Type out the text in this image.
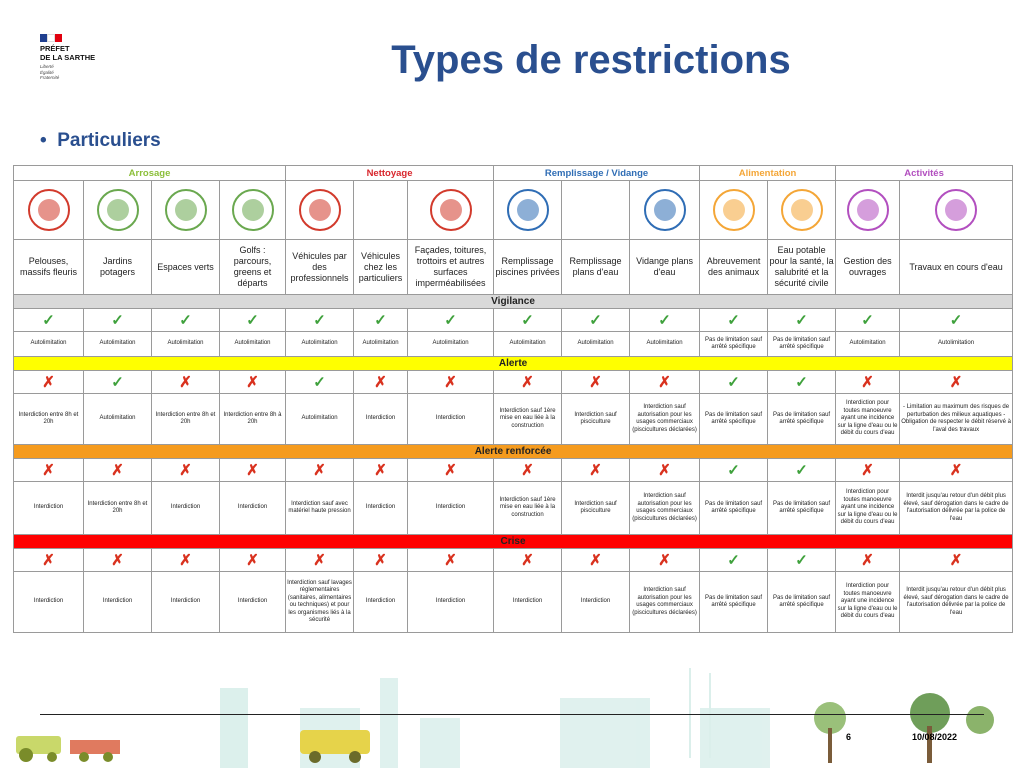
PRÉFET
DE LA SARTHE
Liberté
Égalité
Fraternité	Types de restrictions
•  Particuliers
Arrosage				Nettoyage			Remplissage / Vidange			Alimentation		Activités	

Pelouses, massifs fleuris	Jardins potagers	Espaces verts	Golfs : parcours, greens et départs	Véhicules par des professionnels	Véhicules chez les particuliers	Façades, toitures, trottoirs et autres surfaces imperméabilisées	Remplissage piscines privées	Remplissage plans d'eau	Vidange plans d'eau	Abreuvement des animaux	Eau potable pour la santé, la salubrité et la sécurité civile	Gestion des ouvrages	Travaux en cours d'eau
Vigilance													
✓	✓	✓	✓	✓	✓	✓	✓	✓	✓	✓	✓	✓	✓
Autolimitation	Autolimitation	Autolimitation	Autolimitation	Autolimitation	Autolimitation	Autolimitation	Autolimitation	Autolimitation	Autolimitation	Pas de limitation sauf arrêté spécifique	Pas de limitation sauf arrêté spécifique	Autolimitation	Autolimitation
Alerte													
✗	✓	✗	✗	✓	✗	✗	✗	✗	✗	✓	✓	✗	✗
Interdiction entre 8h et 20h	Autolimitation	Interdiction entre 8h et 20h	Interdiction entre 8h à 20h	Autolimitation	Interdiction	Interdiction	Interdiction sauf 1ère mise en eau liée à la construction	Interdiction sauf pisciculture	Interdiction sauf autorisation pour les usages commerciaux (piscicultures déclarées)	Pas de limitation sauf arrêté spécifique	Pas de limitation sauf arrêté spécifique	Interdiction pour toutes manoeuvre ayant une incidence sur la ligne d'eau ou le débit du cours d'eau	- Limitation au maximum des risques de perturbation des milieux aquatiques - Obligation de respecter le débit réservé à l'aval des travaux
Alerte renforcée													
✗	✗	✗	✗	✗	✗	✗	✗	✗	✗	✓	✓	✗	✗
Interdiction	Interdiction entre 8h et 20h	Interdiction	Interdiction	Interdiction sauf avec matériel haute pression	Interdiction	Interdiction	Interdiction sauf 1ère mise en eau liée à la construction	Interdiction sauf pisciculture	Interdiction sauf autorisation pour les usages commerciaux (piscicultures déclarées)	Pas de limitation sauf arrêté spécifique	Pas de limitation sauf arrêté spécifique	Interdiction pour toutes manoeuvre ayant une incidence sur la ligne d'eau ou le débit du cours d'eau	Interdit jusqu'au retour d'un débit plus élevé, sauf dérogation dans le cadre de l'autorisation délivrée par la police de l'eau
Crise													
✗	✗	✗	✗	✗	✗	✗	✗	✗	✗	✓	✓	✗	✗
Interdiction	Interdiction	Interdiction	Interdiction	Interdiction sauf lavages réglementaires (sanitaires, alimentaires ou techniques) et pour les organismes liés à la sécurité	Interdiction	Interdiction	Interdiction	Interdiction	Interdiction sauf autorisation pour les usages commerciaux (piscicultures déclarées)	Pas de limitation sauf arrêté spécifique	Pas de limitation sauf arrêté spécifique	Interdiction pour toutes manoeuvre ayant une incidence sur la ligne d'eau ou le débit du cours d'eau	Interdit jusqu'au retour d'un débit plus élevé, sauf dérogation dans le cadre de l'autorisation délivrée par la police de l'eau
6	10/08/2022
